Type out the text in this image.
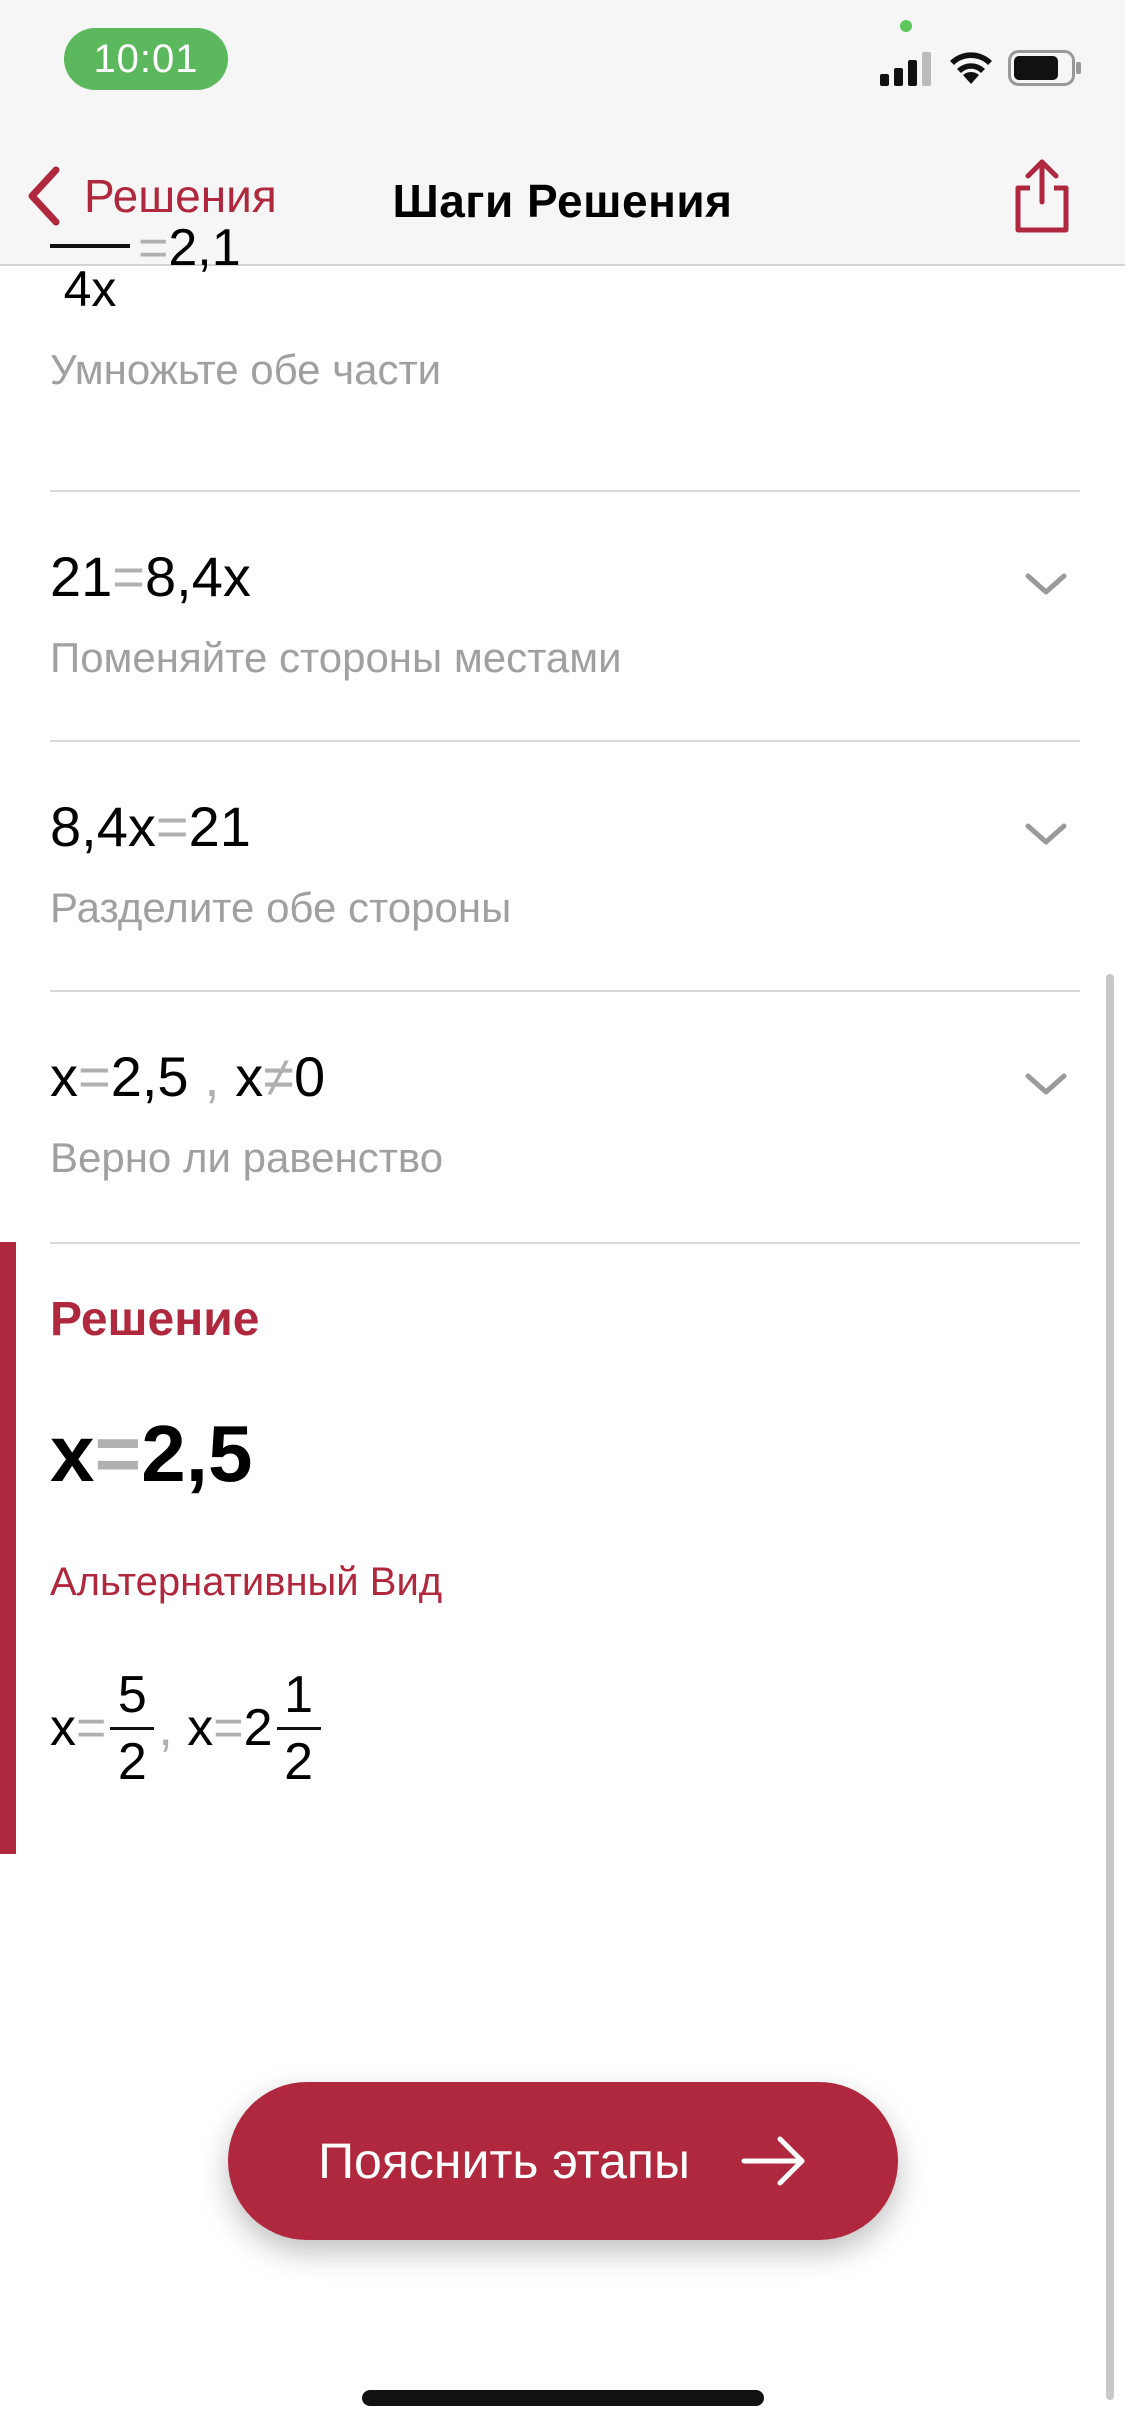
10:01
Решения	Шаги Решения
4x
=2,1
Умножьте обе части
21=8,4x
Поменяйте стороны местами
8,4x=21
Разделите обе стороны
x=2,5 , x≠0
Верно ли равенство
Решение
x=2,5
Альтернативный Вид
$x = \frac{5}{2}$ , $x = 2 \frac{1}{2}$
Пояснить этапы
